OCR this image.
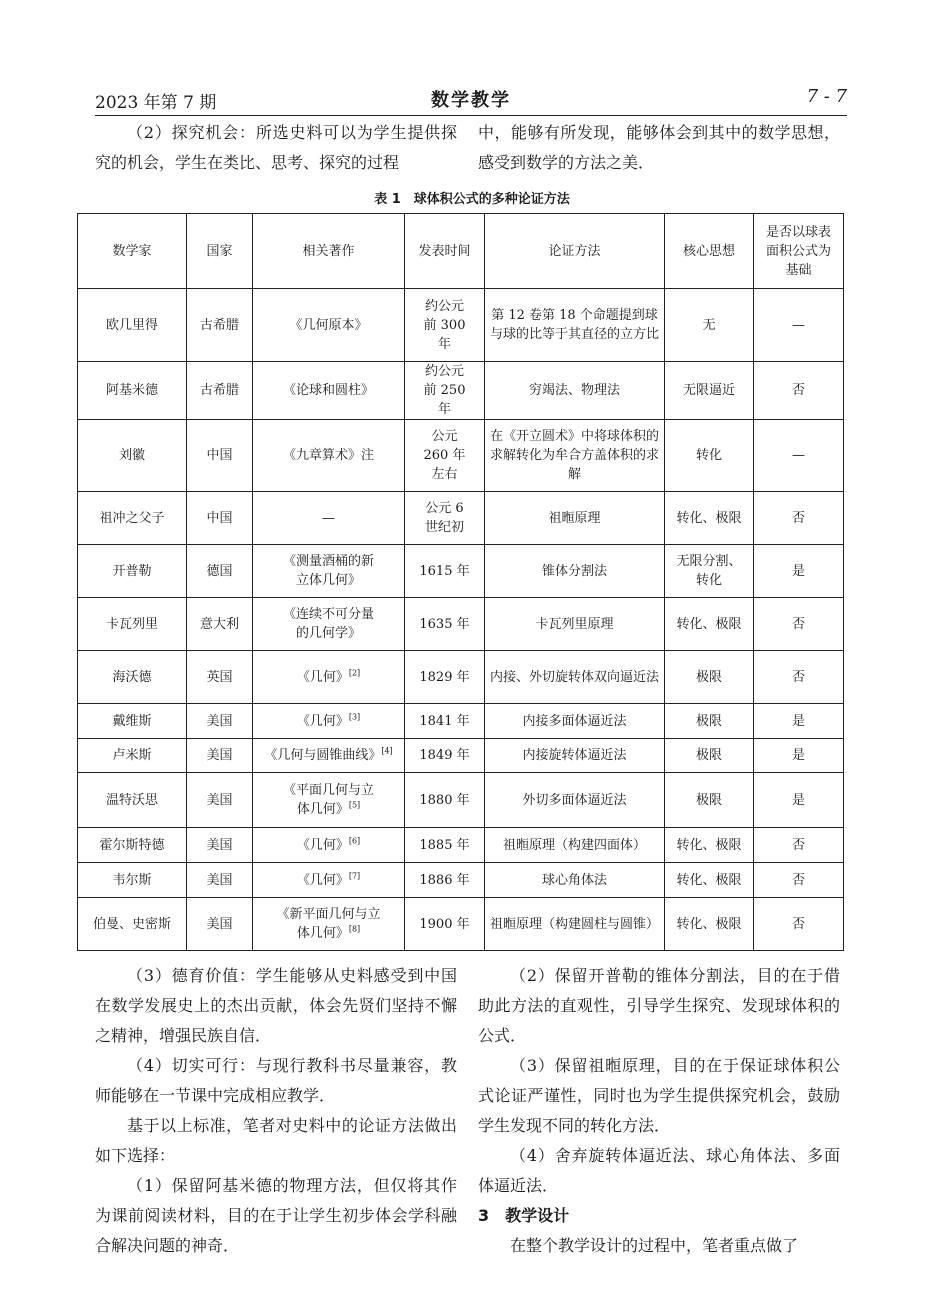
2023 年第 7 期	数学教学	7 - 7

（2）探究机会：所选史料可以为学生提供探究的机会，学生在类比、思考、探究的过程

中，能够有所发现，能够体会到其中的数学思想，感受到数学的方法之美．

表 1　球体积公式的多种论证方法
数学家	国家	相关著作	发表时间	论证方法	核心思想	是否以球表面积公式为基础
欧几里得	古希腊	《几何原本》	约公元前 300 年	第 12 卷第 18 个命题提到球与球的比等于其直径的立方比	无	—
阿基米德	古希腊	《论球和圆柱》	约公元前 250 年	穷竭法、物理法	无限逼近	否
刘徽	中国	《九章算术》注	公元 260 年左右	在《开立圆术》中将球体积的求解转化为牟合方盖体积的求解	转化	—
祖冲之父子	中国	—	公元 6 世纪初	祖暅原理	转化、极限	否
开普勒	德国	《测量酒桶的新立体几何》	1615 年	锥体分割法	无限分割、转化	是
卡瓦列里	意大利	《连续不可分量的几何学》	1635 年	卡瓦列里原理	转化、极限	否
海沃德	英国	《几何》[2]	1829 年	内接、外切旋转体双向逼近法	极限	否
戴维斯	美国	《几何》[3]	1841 年	内接多面体逼近法	极限	是
卢米斯	美国	《几何与圆锥曲线》[4]	1849 年	内接旋转体逼近法	极限	是
温特沃思	美国	《平面几何与立体几何》[5]	1880 年	外切多面体逼近法	极限	是
霍尔斯特德	美国	《几何》[6]	1885 年	祖暅原理（构建四面体）	转化、极限	否
韦尔斯	美国	《几何》[7]	1886 年	球心角体法	转化、极限	否
伯曼、史密斯	美国	《新平面几何与立体几何》[8]	1900 年	祖暅原理（构建圆柱与圆锥）	转化、极限	否

（3）德育价值：学生能够从史料感受到中国在数学发展史上的杰出贡献，体会先贤们坚持不懈之精神，增强民族自信．

（4）切实可行：与现行教科书尽量兼容，教师能够在一节课中完成相应教学．

基于以上标准，笔者对史料中的论证方法做出如下选择：

（1）保留阿基米德的物理方法，但仅将其作为课前阅读材料，目的在于让学生初步体会学科融合解决问题的神奇．

（2）保留开普勒的锥体分割法，目的在于借助此方法的直观性，引导学生探究、发现球体积的公式．

（3）保留祖暅原理，目的在于保证球体积公式论证严谨性，同时也为学生提供探究机会，鼓励学生发现不同的转化方法．

（4）舍弃旋转体逼近法、球心角体法、多面体逼近法．

3　教学设计

在整个教学设计的过程中，笔者重点做了
